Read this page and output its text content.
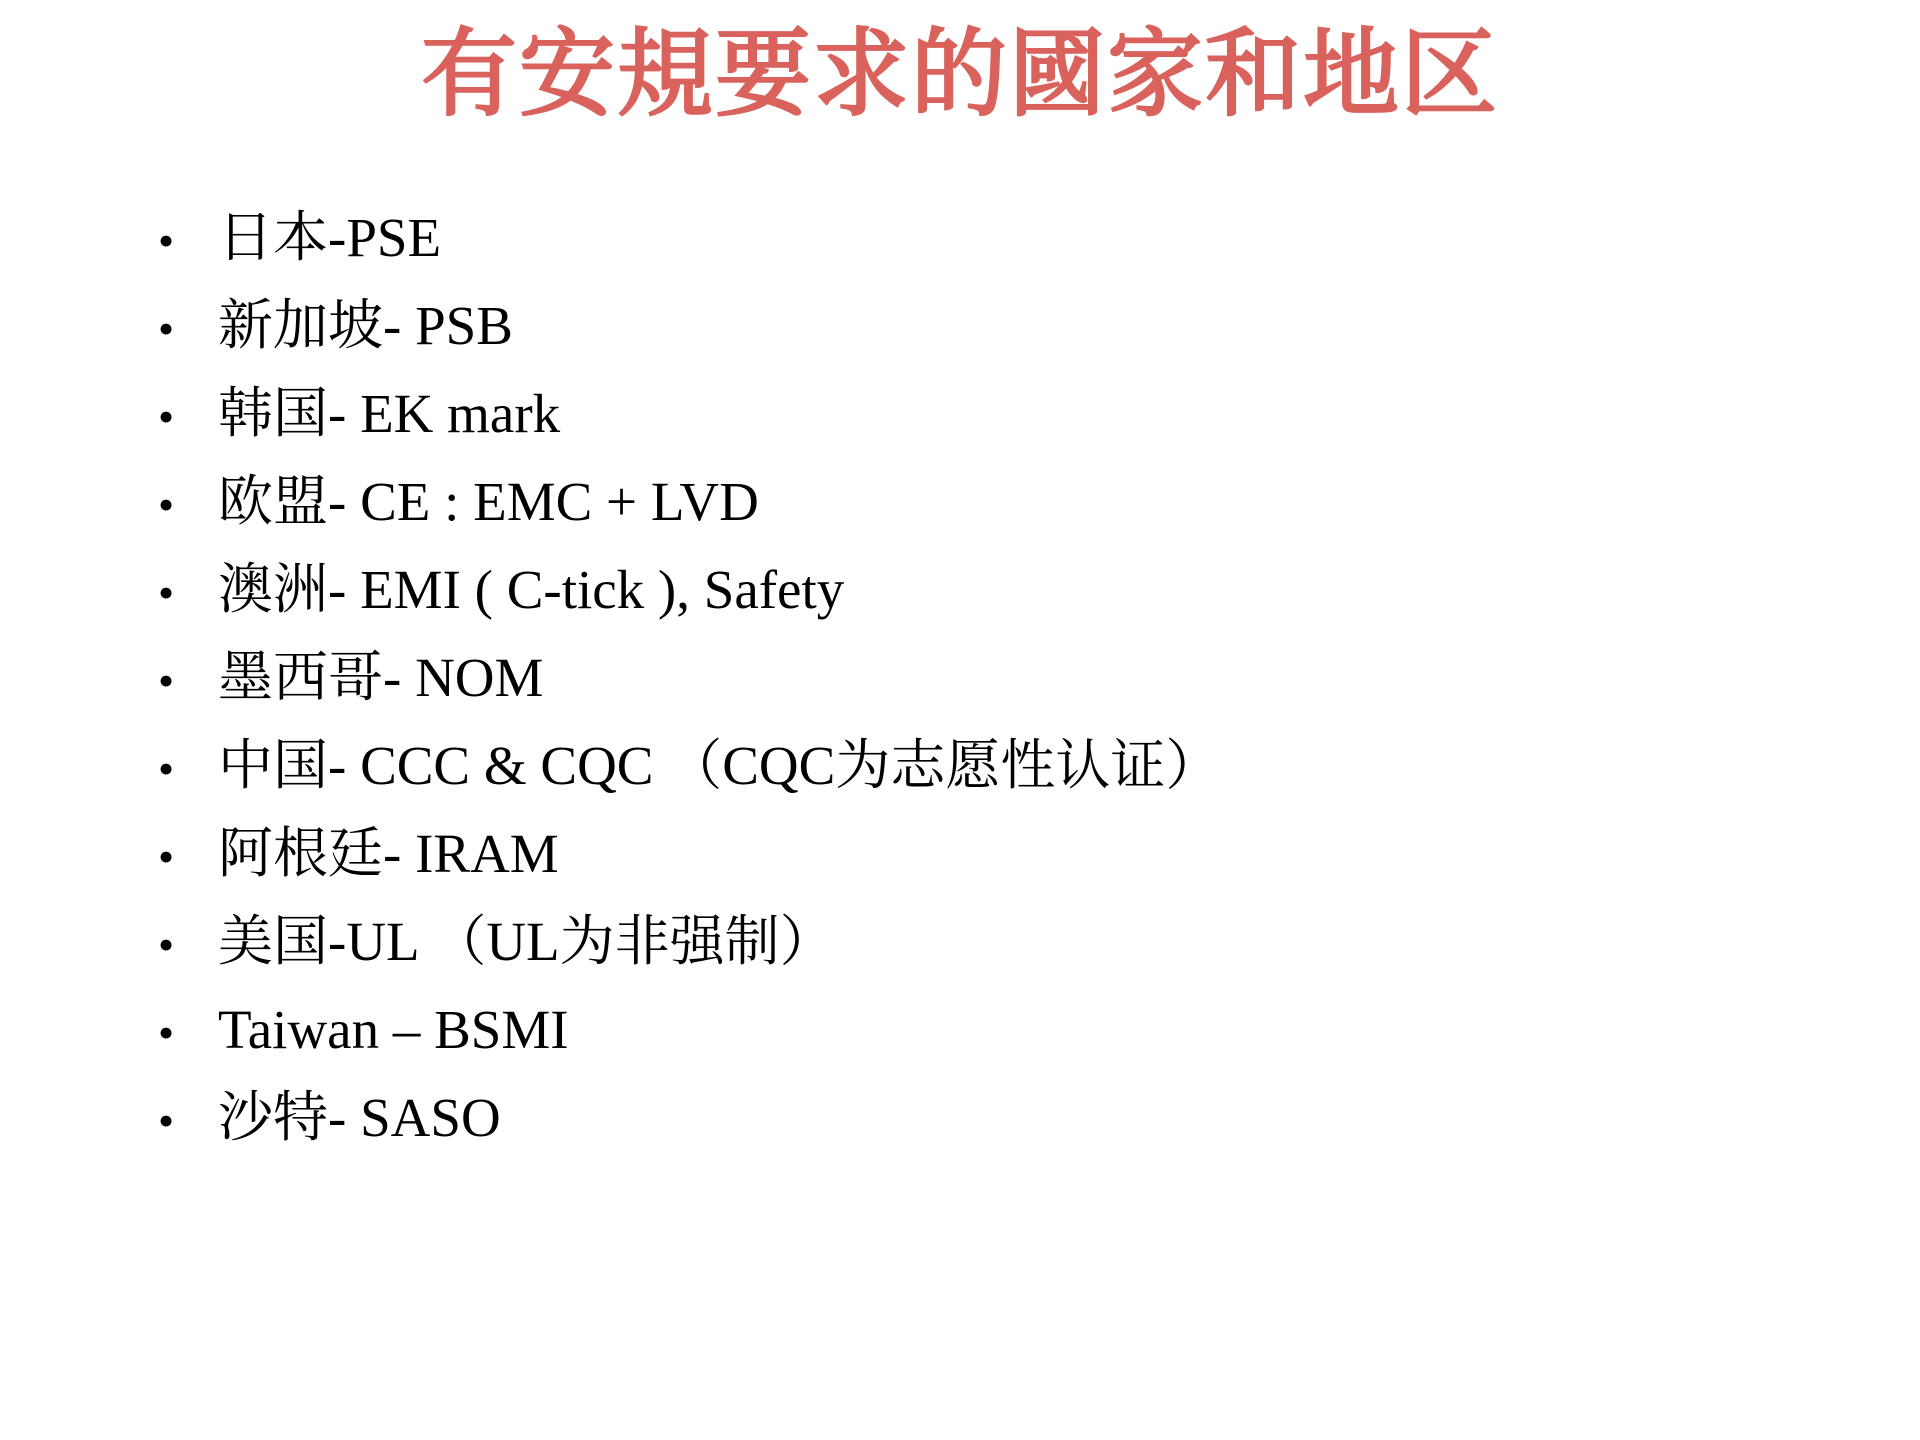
有安規要求的國家和地区
• 日本-PSE
• 新加坡- PSB
• 韩国- EK mark
• 欧盟- CE : EMC + LVD
• 澳洲- EMI ( C-tick ), Safety
• 墨西哥- NOM
• 中国- CCC & CQC （CQC为志愿性认证）
• 阿根廷- IRAM
• 美国-UL （UL为非强制）
• Taiwan – BSMI
• 沙特- SASO
